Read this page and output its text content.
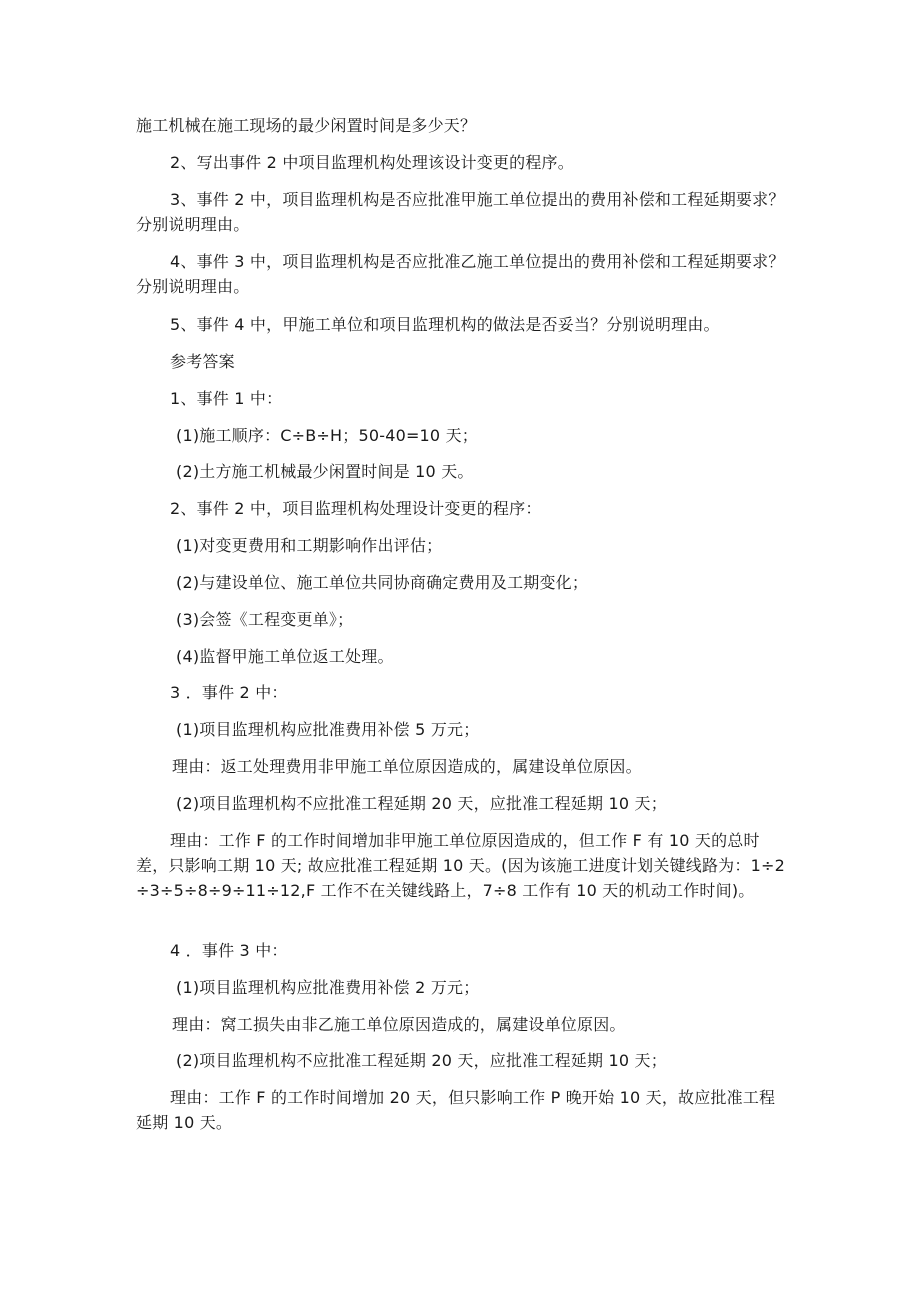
施工机械在施工现场的最少闲置时间是多少天？

2、写出事件 2 中项目监理机构处理该设计变更的程序。

3、事件 2 中，项目监理机构是否应批准甲施工单位提出的费用补偿和工程延期要求？分别说明理由。

4、事件 3 中，项目监理机构是否应批准乙施工单位提出的费用补偿和工程延期要求？分别说明理由。

5、事件 4 中，甲施工单位和项目监理机构的做法是否妥当？分别说明理由。

参考答案

1、事件 1 中：

(1)施工顺序：C÷B÷H；50-40=10 天；

(2)土方施工机械最少闲置时间是 10 天。

2、事件 2 中，项目监理机构处理设计变更的程序：

(1)对变更费用和工期影响作出评估；

(2)与建设单位、施工单位共同协商确定费用及工期变化；

(3)会签《工程变更单》；

(4)监督甲施工单位返工处理。

3 ．事件 2 中：

(1)项目监理机构应批准费用补偿 5 万元；

理由：返工处理费用非甲施工单位原因造成的，属建设单位原因。

(2)项目监理机构不应批准工程延期 20 天，应批准工程延期 10 天；

理由：工作 F 的工作时间增加非甲施工单位原因造成的，但工作 F 有 10 天的总时差，只影响工期 10 天; 故应批准工程延期 10 天。(因为该施工进度计划关键线路为：1÷2÷3÷5÷8÷9÷11÷12,F 工作不在关键线路上，7÷8 工作有 10 天的机动工作时间)。

4 ．事件 3 中：

(1)项目监理机构应批准费用补偿 2 万元；

理由：窝工损失由非乙施工单位原因造成的，属建设单位原因。

(2)项目监理机构不应批准工程延期 20 天，应批准工程延期 10 天；

理由：工作 F 的工作时间增加 20 天，但只影响工作 P 晚开始 10 天，故应批准工程延期 10 天。
